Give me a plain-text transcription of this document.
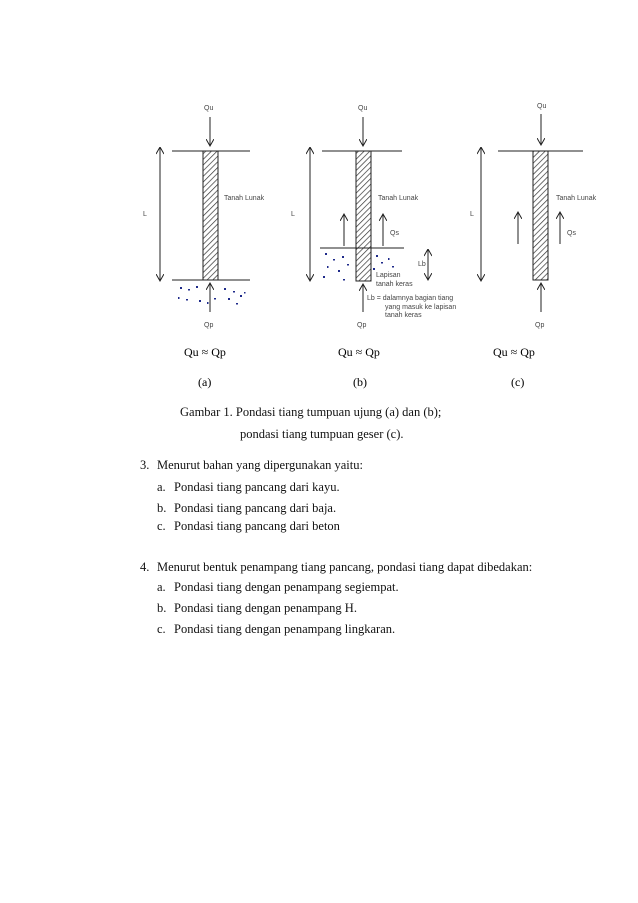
Qu
L
Tanah Lunak
Qp
Qu ≈ Qp
(a)
Qu
L
Tanah Lunak
Qs
Lb
Lapisan
tanah keras
Lb = dalamnya bagian tiang
yang masuk ke lapisan
tanah keras
Qp
Qu ≈ Qp
(b)
Qu
L
Tanah Lunak
Qs
Qp
Qu ≈ Qp
(c)
Gambar 1. Pondasi tiang tumpuan ujung (a) dan (b);
pondasi tiang tumpuan geser (c).
3. Menurut bahan yang dipergunakan yaitu:
a. Pondasi tiang pancang dari kayu.
b. Pondasi tiang pancang dari baja.
c. Pondasi tiang pancang dari beton
4. Menurut bentuk penampang tiang pancang, pondasi tiang dapat dibedakan:
a. Pondasi tiang dengan penampang segiempat.
b. Pondasi tiang dengan penampang H.
c. Pondasi tiang dengan penampang lingkaran.
